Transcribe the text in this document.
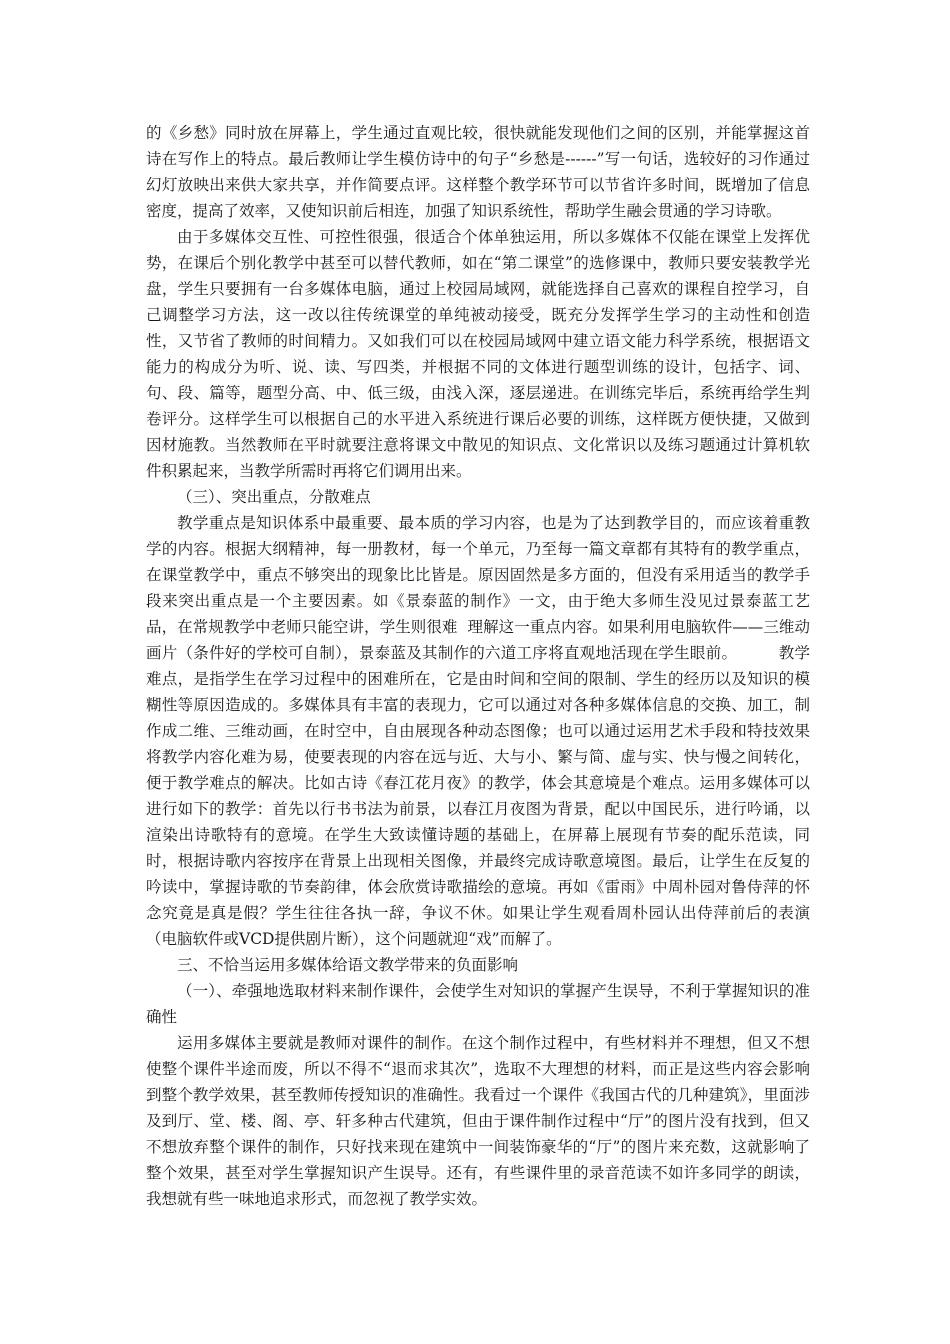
的《乡愁》同时放在屏幕上，学生通过直观比较，很快就能发现他们之间的区别，并能掌握这首诗在写作上的特点。最后教师让学生模仿诗中的句子“乡愁是------”写一句话，选较好的习作通过幻灯放映出来供大家共享，并作简要点评。这样整个教学环节可以节省许多时间，既增加了信息密度，提高了效率，又使知识前后相连，加强了知识系统性，帮助学生融会贯通的学习诗歌。

由于多媒体交互性、可控性很强，很适合个体单独运用，所以多媒体不仅能在课堂上发挥优势，在课后个别化教学中甚至可以替代教师，如在“第二课堂”的选修课中，教师只要安装教学光盘，学生只要拥有一台多媒体电脑，通过上校园局域网，就能选择自己喜欢的课程自控学习，自己调整学习方法，这一改以往传统课堂的单纯被动接受，既充分发挥学生学习的主动性和创造性，又节省了教师的时间精力。又如我们可以在校园局域网中建立语文能力科学系统，根据语文能力的构成分为听、说、读、写四类，并根据不同的文体进行题型训练的设计，包括字、词、句、段、篇等，题型分高、中、低三级，由浅入深，逐层递进。在训练完毕后，系统再给学生判卷评分。这样学生可以根据自己的水平进入系统进行课后必要的训练，这样既方便快捷，又做到因材施教。当然教师在平时就要注意将课文中散见的知识点、文化常识以及练习题通过计算机软件积累起来，当教学所需时再将它们调用出来。

（三）、突出重点，分散难点

教学重点是知识体系中最重要、最本质的学习内容，也是为了达到教学目的，而应该着重教学的内容。根据大纲精神，每一册教材，每一个单元，乃至每一篇文章都有其特有的教学重点，在课堂教学中，重点不够突出的现象比比皆是。原因固然是多方面的，但没有采用适当的教学手段来突出重点是一个主要因素。如《景泰蓝的制作》一文，由于绝大多师生没见过景泰蓝工艺品，在常规教学中老师只能空讲，学生则很难  理解这一重点内容。如果利用电脑软件——三维动画片（条件好的学校可自制），景泰蓝及其制作的六道工序将直观地活现在学生眼前。        教学难点，是指学生在学习过程中的困难所在，它是由时间和空间的限制、学生的经历以及知识的模糊性等原因造成的。多媒体具有丰富的表现力，它可以通过对各种多媒体信息的交换、加工，制作成二维、三维动画，在时空中，自由展现各种动态图像；也可以通过运用艺术手段和特技效果将教学内容化难为易，使要表现的内容在远与近、大与小、繁与简、虚与实、快与慢之间转化，便于教学难点的解决。比如古诗《春江花月夜》的教学，体会其意境是个难点。运用多媒体可以进行如下的教学：首先以行书书法为前景，以春江月夜图为背景，配以中国民乐，进行吟诵，以渲染出诗歌特有的意境。在学生大致读懂诗题的基础上，在屏幕上展现有节奏的配乐范读，同时，根据诗歌内容按序在背景上出现相关图像，并最终完成诗歌意境图。最后，让学生在反复的吟读中，掌握诗歌的节奏韵律，体会欣赏诗歌描绘的意境。再如《雷雨》中周朴园对鲁侍萍的怀念究竟是真是假？学生往往各执一辞，争议不休。如果让学生观看周朴园认出侍萍前后的表演（电脑软件或VCD提供剧片断），这个问题就迎“戏”而解了。

三、不恰当运用多媒体给语文教学带来的负面影响

（一）、牵强地选取材料来制作课件，会使学生对知识的掌握产生误导，不利于掌握知识的准确性

运用多媒体主要就是教师对课件的制作。在这个制作过程中，有些材料并不理想，但又不想使整个课件半途而废，所以不得不“退而求其次”，选取不大理想的材料，而正是这些内容会影响到整个教学效果，甚至教师传授知识的准确性。我看过一个课件《我国古代的几种建筑》，里面涉及到厅、堂、楼、阁、亭、轩多种古代建筑，但由于课件制作过程中“厅”的图片没有找到，但又不想放弃整个课件的制作，只好找来现在建筑中一间装饰豪华的“厅”的图片来充数，这就影响了整个效果，甚至对学生掌握知识产生误导。还有，有些课件里的录音范读不如许多同学的朗读，我想就有些一味地追求形式，而忽视了教学实效。
